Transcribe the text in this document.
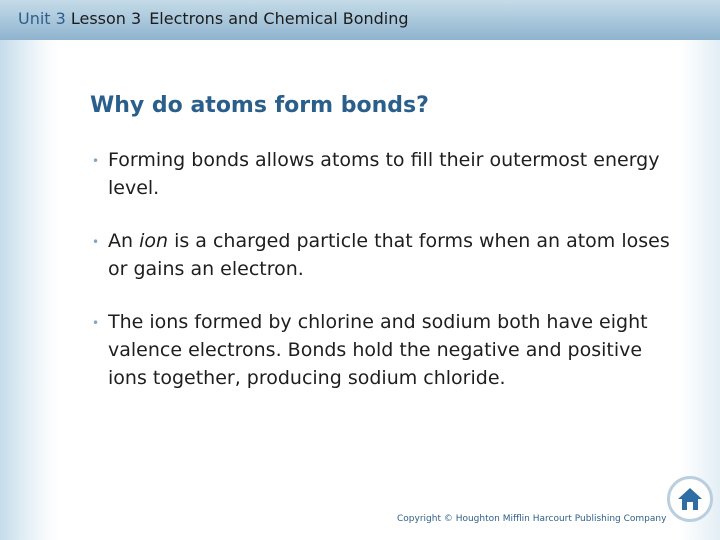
Unit 3 Lesson 3 Electrons and Chemical Bonding
Why do atoms form bonds?
• Forming bonds allows atoms to fill their outermost energy level.
• An ion is a charged particle that forms when an atom loses or gains an electron.
• The ions formed by chlorine and sodium both have eight valence electrons. Bonds hold the negative and positive ions together, producing sodium chloride.
Copyright © Houghton Mifflin Harcourt Publishing Company
